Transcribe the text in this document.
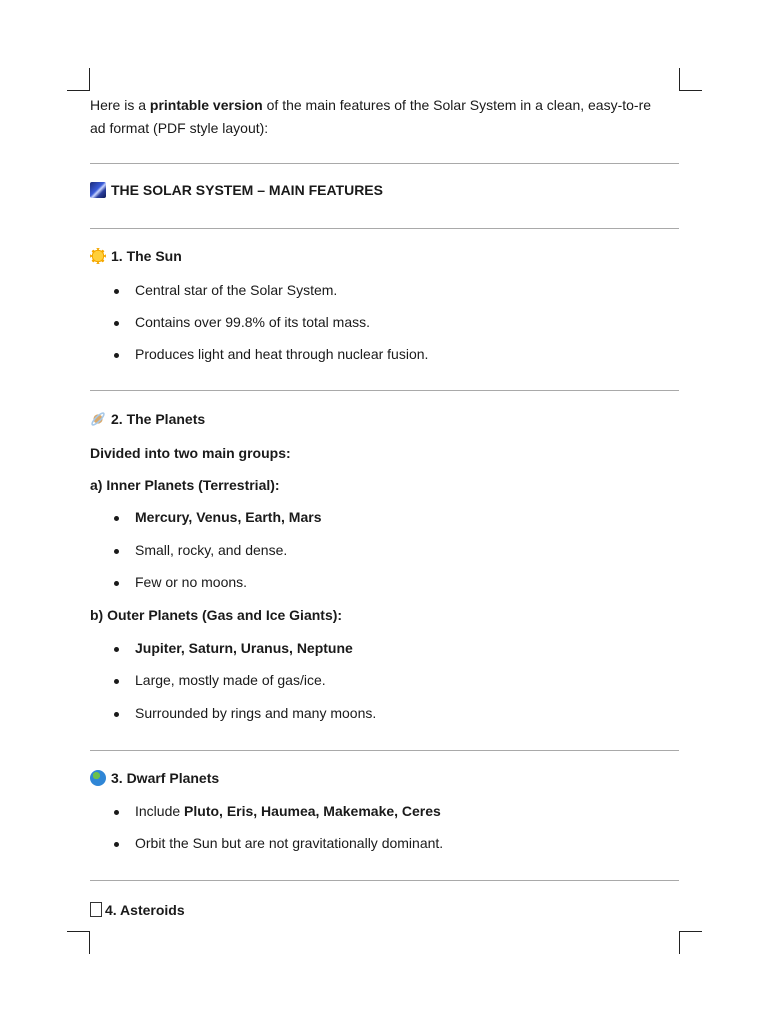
Here is a printable version of the main features of the Solar System in a clean, easy-to-re
ad format (PDF style layout):
THE SOLAR SYSTEM – MAIN FEATURES
1. The Sun
Central star of the Solar System.
Contains over 99.8% of its total mass.
Produces light and heat through nuclear fusion.
2. The Planets
Divided into two main groups:
a) Inner Planets (Terrestrial):
Mercury, Venus, Earth, Mars
Small, rocky, and dense.
Few or no moons.
b) Outer Planets (Gas and Ice Giants):
Jupiter, Saturn, Uranus, Neptune
Large, mostly made of gas/ice.
Surrounded by rings and many moons.
3. Dwarf Planets
Include Pluto, Eris, Haumea, Makemake, Ceres
Orbit the Sun but are not gravitationally dominant.
4. Asteroids
